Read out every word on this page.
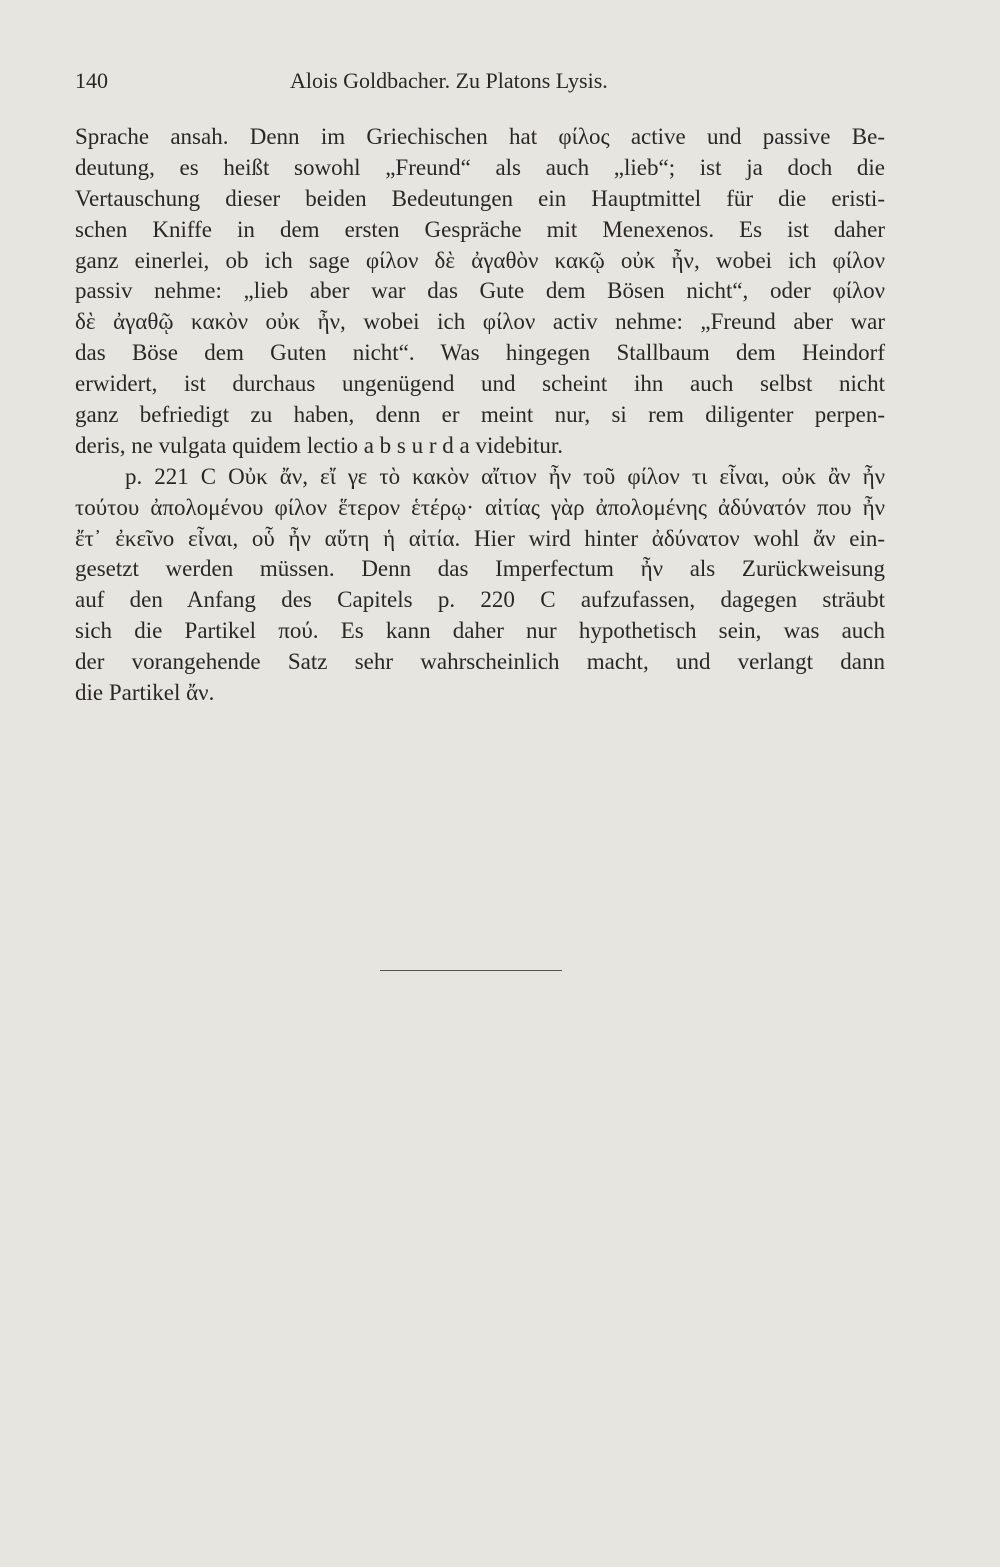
140	Alois Goldbacher. Zu Platons Lysis.
Sprache ansah. Denn im Griechischen hat φίλος active und passive Be-
deutung, es heißt sowohl „Freund“ als auch „lieb“; ist ja doch die
Vertauschung dieser beiden Bedeutungen ein Hauptmittel für die eristi-
schen Kniffe in dem ersten Gespräche mit Menexenos. Es ist daher
ganz einerlei, ob ich sage φίλον δὲ ἀγαθὸν κακῷ οὐκ ἦν, wobei ich φίλον
passiv nehme: „lieb aber war das Gute dem Bösen nicht“, oder φίλον
δὲ ἀγαθῷ κακὸν οὐκ ἦν, wobei ich φίλον activ nehme: „Freund aber war
das Böse dem Guten nicht“. Was hingegen Stallbaum dem Heindorf
erwidert, ist durchaus ungenügend und scheint ihn auch selbst nicht
ganz befriedigt zu haben, denn er meint nur, si rem diligenter perpen-
deris, ne vulgata quidem lectio a b s u r d a videbitur.
p. 221 C Οὐκ ἄν, εἴ γε τὸ κακὸν αἴτιον ἦν τοῦ φίλον τι εἶναι, οὐκ ἂν ἦν
τούτου ἀπολομένου φίλον ἕτερον ἑτέρῳ· αἰτίας γὰρ ἀπολομένης ἀδύνατόν που ἦν
ἔτ᾽ ἐκεῖνο εἶναι, οὗ ἦν αὕτη ἡ αἰτία. Hier wird hinter ἀδύνατον wohl ἄν ein-
gesetzt werden müssen. Denn das Imperfectum ἦν als Zurückweisung
auf den Anfang des Capitels p. 220 C aufzufassen, dagegen sträubt
sich die Partikel πού. Es kann daher nur hypothetisch sein, was auch
der vorangehende Satz sehr wahrscheinlich macht, und verlangt dann
die Partikel ἄν.
